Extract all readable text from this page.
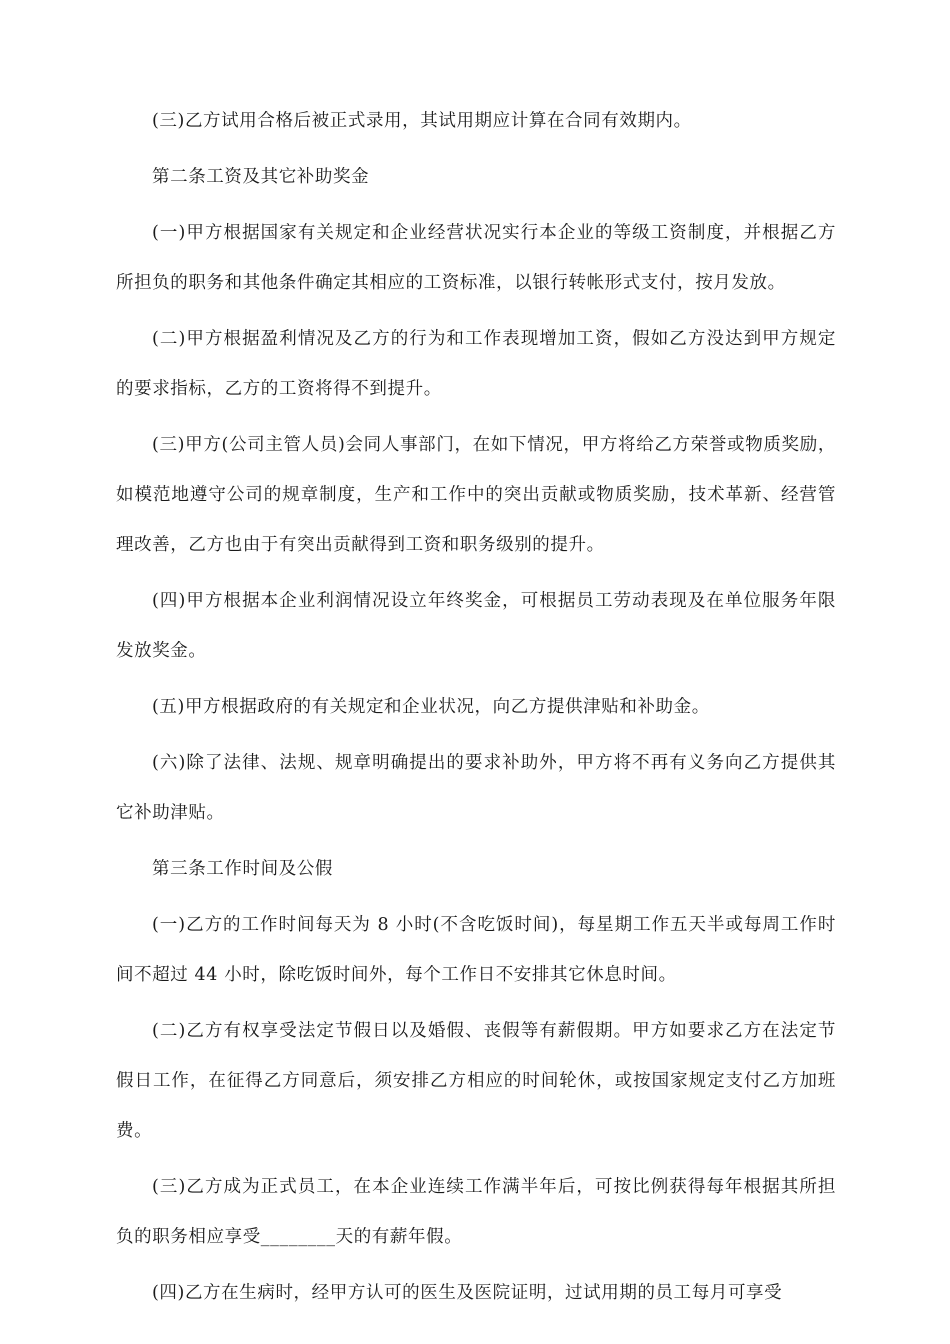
(三)乙方试用合格后被正式录用，其试用期应计算在合同有效期内。

第二条工资及其它补助奖金

(一)甲方根据国家有关规定和企业经营状况实行本企业的等级工资制度，并根据乙方所担负的职务和其他条件确定其相应的工资标准，以银行转帐形式支付，按月发放。

(二)甲方根据盈利情况及乙方的行为和工作表现增加工资，假如乙方没达到甲方规定的要求指标，乙方的工资将得不到提升。

(三)甲方(公司主管人员)会同人事部门，在如下情况，甲方将给乙方荣誉或物质奖励，如模范地遵守公司的规章制度，生产和工作中的突出贡献或物质奖励，技术革新、经营管理改善，乙方也由于有突出贡献得到工资和职务级别的提升。

(四)甲方根据本企业利润情况设立年终奖金，可根据员工劳动表现及在单位服务年限发放奖金。

(五)甲方根据政府的有关规定和企业状况，向乙方提供津贴和补助金。

(六)除了法律、法规、规章明确提出的要求补助外，甲方将不再有义务向乙方提供其它补助津贴。

第三条工作时间及公假

(一)乙方的工作时间每天为 8 小时(不含吃饭时间)，每星期工作五天半或每周工作时间不超过 44 小时，除吃饭时间外，每个工作日不安排其它休息时间。

(二)乙方有权享受法定节假日以及婚假、丧假等有薪假期。甲方如要求乙方在法定节假日工作，在征得乙方同意后，须安排乙方相应的时间轮休，或按国家规定支付乙方加班费。

(三)乙方成为正式员工，在本企业连续工作满半年后，可按比例获得每年根据其所担负的职务相应享受________天的有薪年假。

(四)乙方在生病时，经甲方认可的医生及医院证明，过试用期的员工每月可享受
